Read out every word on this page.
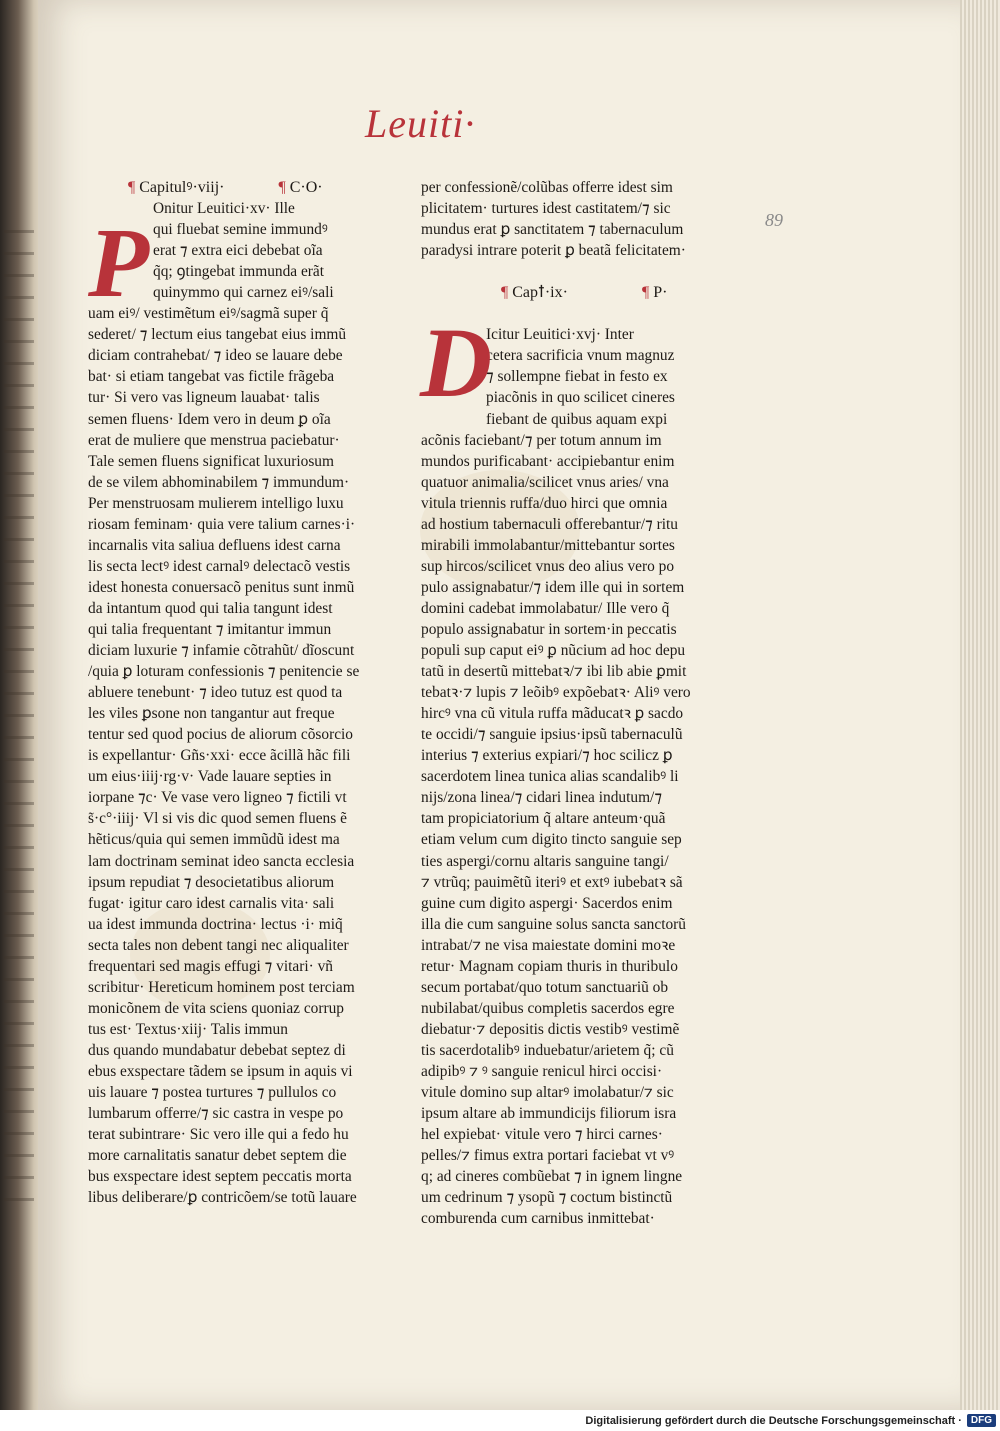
Leuiti·
89
¶ Capitulꝰ·viij·	¶ C·O·
Onitur Leuitici·xv· Ille
qui fluebat semine immundꝰ
erat ⁊ extra eici debebat oĩa
q̃q; ꝯtingebat immunda erãt
quinymmo qui carnez eiꝰ/sali
uam eiꝰ/ vestimẽtum eiꝰ/sagmã super q̃
sederet/ ⁊ lectum eius tangebat eius immũ
diciam contrahebat/ ⁊ ideo se lauare debe
bat· si etiam tangebat vas fictile frãgeba
tur· Si vero vas ligneum lauabat· talis
semen fluens· Idem vero in deum ꝑ oĩa
erat de muliere que menstrua paciebatur·
Tale semen fluens significat luxuriosum
de se vilem abhominabilem ⁊ immundum·
Per menstruosam mulierem intelligo luxu
riosam feminam· quia vere talium carnes·i·
incarnalis vita saliua defluens idest carna
lis secta lectꝰ idest carnalꝰ delectacõ vestis
idest honesta conuersacõ penitus sunt inmũ
da intantum quod qui talia tangunt idest
qui talia frequentant ⁊ imitantur immun
diciam luxurie ⁊ infamie cõtrahũt/ dĩoscunt
/quia ꝑ loturam confessionis ⁊ penitencie se
abluere tenebunt· ⁊ ideo tutuz est quod ta
les viles ꝑsone non tangantur aut freque
tentur sed quod pocius de aliorum cõsorcio
is expellantur· Gñs·xxi· ecce ãcillã hãc fili
um eius·iiij·rg·v· Vade lauare septies in
iorpane ⁊c· Ve vase vero ligneo ⁊ fictili vt
s̃·c°·iiij· Vl si vis dic quod semen fluens ẽ
hẽticus/quia qui semen immũdũ idest ma
lam doctrinam seminat ideo sancta ecclesia
ipsum repudiat ⁊ desocietatibus aliorum
fugat· igitur caro idest carnalis vita· sali
ua idest immunda doctrina· lectus ·i· miq̃
secta tales non debent tangi nec aliqualiter
frequentari sed magis effugi ⁊ vitari· vñ
scribitur· Hereticum hominem post terciam
monicõnem de vita sciens quoniaz corrup
tus est· Textus·xiij· Talis immun
dus quando mundabatur debebat septez di
ebus exspectare tãdem se ipsum in aquis vi
uis lauare ⁊ postea turtures ⁊ pullulos co
lumbarum offerre/⁊ sic castra in vespe po
terat subintrare· Sic vero ille qui a fedo hu
more carnalitatis sanatur debet septem die
bus exspectare idest septem peccatis morta
libus deliberare/ꝑ contricõem/se totũ lauare
P
per confessionẽ/colũbas offerre idest sim
plicitatem· turtures idest castitatem/⁊ sic
mundus erat ꝑ sanctitatem ⁊ tabernaculum
paradysi intrare poterit ꝑ beatã felicitatem·
¶ Capꝉ·ix·	¶ P·
Icitur Leuitici·xvj· Inter
cetera sacrificia vnum magnuz
⁊ sollempne fiebat in festo ex
piacõnis in quo scilicet cineres
fiebant de quibus aquam expi
acõnis faciebant/⁊ per totum annum im
mundos purificabant· accipiebantur enim
quatuor animalia/scilicet vnus aries/ vna
vitula triennis ruffa/duo hirci que omnia
ad hostium tabernaculi offerebantur/⁊ ritu
mirabili immolabantur/mittebantur sortes
sup hircos/scilicet vnus deo alius vero po
pulo assignabatur/⁊ idem ille qui in sortem
domini cadebat immolabatur/ Ille vero q̃
populo assignabatur in sortem·in peccatis
populi sup caput eiꝰ ꝑ nũcium ad hoc depu
tatũ in desertũ mittebatꝛ/⁊ ibi lib abie ꝑmit
tebatꝛ·⁊ lupis ⁊ leõibꝰ expõebatꝛ· Aliꝰ vero
hircꝰ vna cũ vitula ruffa mãducatꝛ ꝑ sacdo
te occidi/⁊ sanguie ipsius·ipsũ tabernaculũ
interius ⁊ exterius expiari/⁊ hoc scilicz ꝑ
sacerdotem linea tunica alias scandalibꝰ li
nijs/zona linea/⁊ cidari linea indutum/⁊
tam propiciatorium q̃ altare anteum·quã
etiam velum cum digito tincto sanguie sep
ties aspergi/cornu altaris sanguine tangi/
⁊ vtrũq; pauimẽtũ iteriꝰ et extꝰ iubebatꝛ sã
guine cum digito aspergi· Sacerdos enim
illa die cum sanguine solus sancta sanctorũ
intrabat/⁊ ne visa maiestate domini moꝛe
retur· Magnam copiam thuris in thuribulo
secum portabat/quo totum sanctuariũ ob
nubilabat/quibus completis sacerdos egre
diebatur·⁊ depositis dictis vestibꝰ vestimẽ
tis sacerdotalibꝰ induebatur/arietem q̃; cũ
adipibꝰ ⁊ ꝰ sanguie renicul hirci occisi·
vitule domino sup altarꝰ imolabatur/⁊ sic
ipsum altare ab immundicijs filiorum isra
hel expiebat· vitule vero ⁊ hirci carnes·
pelles/⁊ fimus extra portari faciebat vt vꝰ
q; ad cineres combũebat ⁊ in ignem lingne
um cedrinum ⁊ ysopũ ⁊ coctum bistinctũ
comburenda cum carnibus inmittebat·
D
Digitalisierung gefördert durch die Deutsche Forschungsgemeinschaft · DFG
